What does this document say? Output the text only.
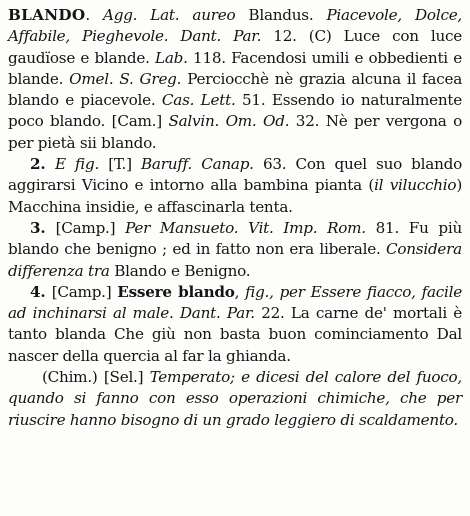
BLANDO. Agg. Lat. aureo Blandus. Piacevole, Dolce, Affabile, Pieghevole. Dant. Par. 12. (C) Luce con luce gaudïose e blande. Lab. 118. Facendosi umili e obbedienti e blande. Omel. S. Greg. Perciocchè nè grazia alcuna il facea blando e piacevole. Cas. Lett. 51. Essendo io naturalmente poco blando. [Cam.] Salvin. Om. Od. 32. Nè per vergona o per pietà sii blando.

2. E fig. [T.] Baruff. Canap. 63. Con quel suo blando aggirarsi Vicino e intorno alla bambina pianta (il vilucchio) Macchina insidie, e affascinarla tenta.

3. [Camp.] Per Mansueto. Vit. Imp. Rom. 81. Fu più blando che benigno ; ed in fatto non era liberale. Considera differenza tra Blando e Benigno.

4. [Camp.] Essere blando, fig., per Essere fiacco, facile ad inchinarsi al male. Dant. Par. 22. La carne de' mortali è tanto blanda Che giù non basta buon cominciamento Dal nascer della quercia al far la ghianda.

(Chim.) [Sel.] Temperato; e dicesi del calore del fuoco, quando si fanno con esso operazioni chimiche, che per riuscire hanno bisogno di un grado leggiero di scaldamento.
